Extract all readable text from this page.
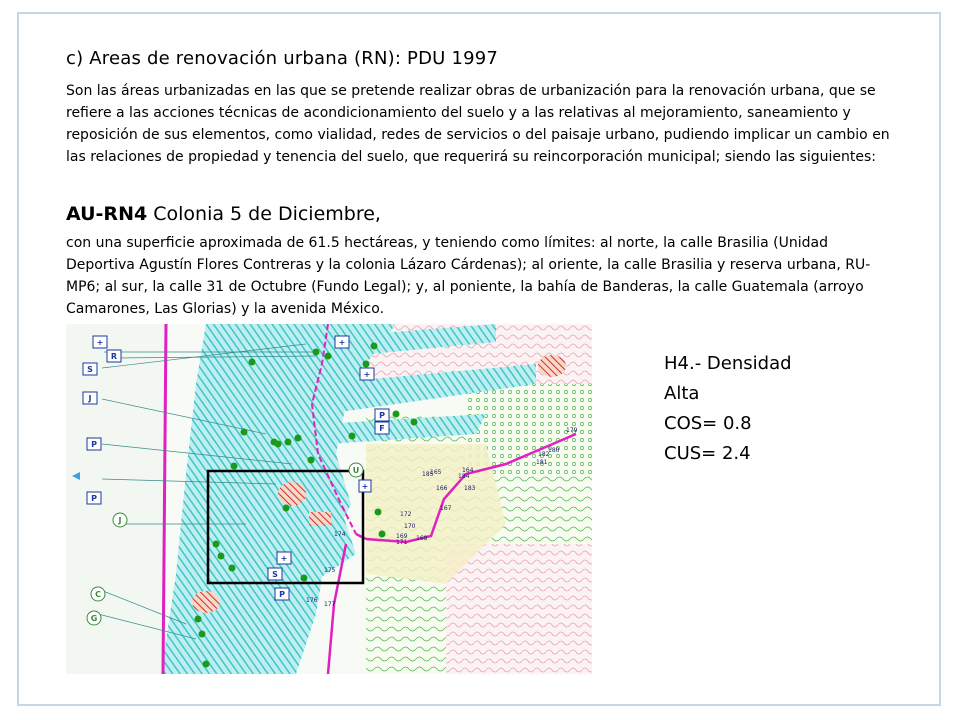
c) Areas de renovación urbana (RN): PDU 1997
Son las áreas urbanizadas en las que se pretende realizar obras de urbanización para la renovación urbana, que se refiere a las acciones técnicas de acondicionamiento del suelo y a las relativas al mejoramiento, saneamiento y reposición de sus elementos, como vialidad, redes de servicios o del paisaje urbano, pudiendo implicar un cambio en las relaciones de propiedad y tenencia del suelo, que requerirá su reincorporación municipal; siendo las siguientes:
AU-RN4 Colonia 5 de Diciembre,
con una superficie aproximada de 61.5 hectáreas, y teniendo como límites: al norte, la calle Brasilia (Unidad Deportiva Agustín Flores Contreras y la colonia Lázaro Cárdenas); al oriente, la calle Brasilia y reserva urbana, RU-MP6; al sur, la calle 31 de Octubre (Fundo Legal); y, al poniente, la bahía de Banderas, la calle Guatemala (arroyo Camarones, Las Glorias) y la avenida México.
+
R
S
J
P
P
+
+
P
F
+
+
S
P
U
J
C
G
164
165
166
167
168
169
170
171
172
174
175
176
177
179
180
181
182
183
184
185
H4.- Densidad
Alta
COS= 0.8
CUS= 2.4
